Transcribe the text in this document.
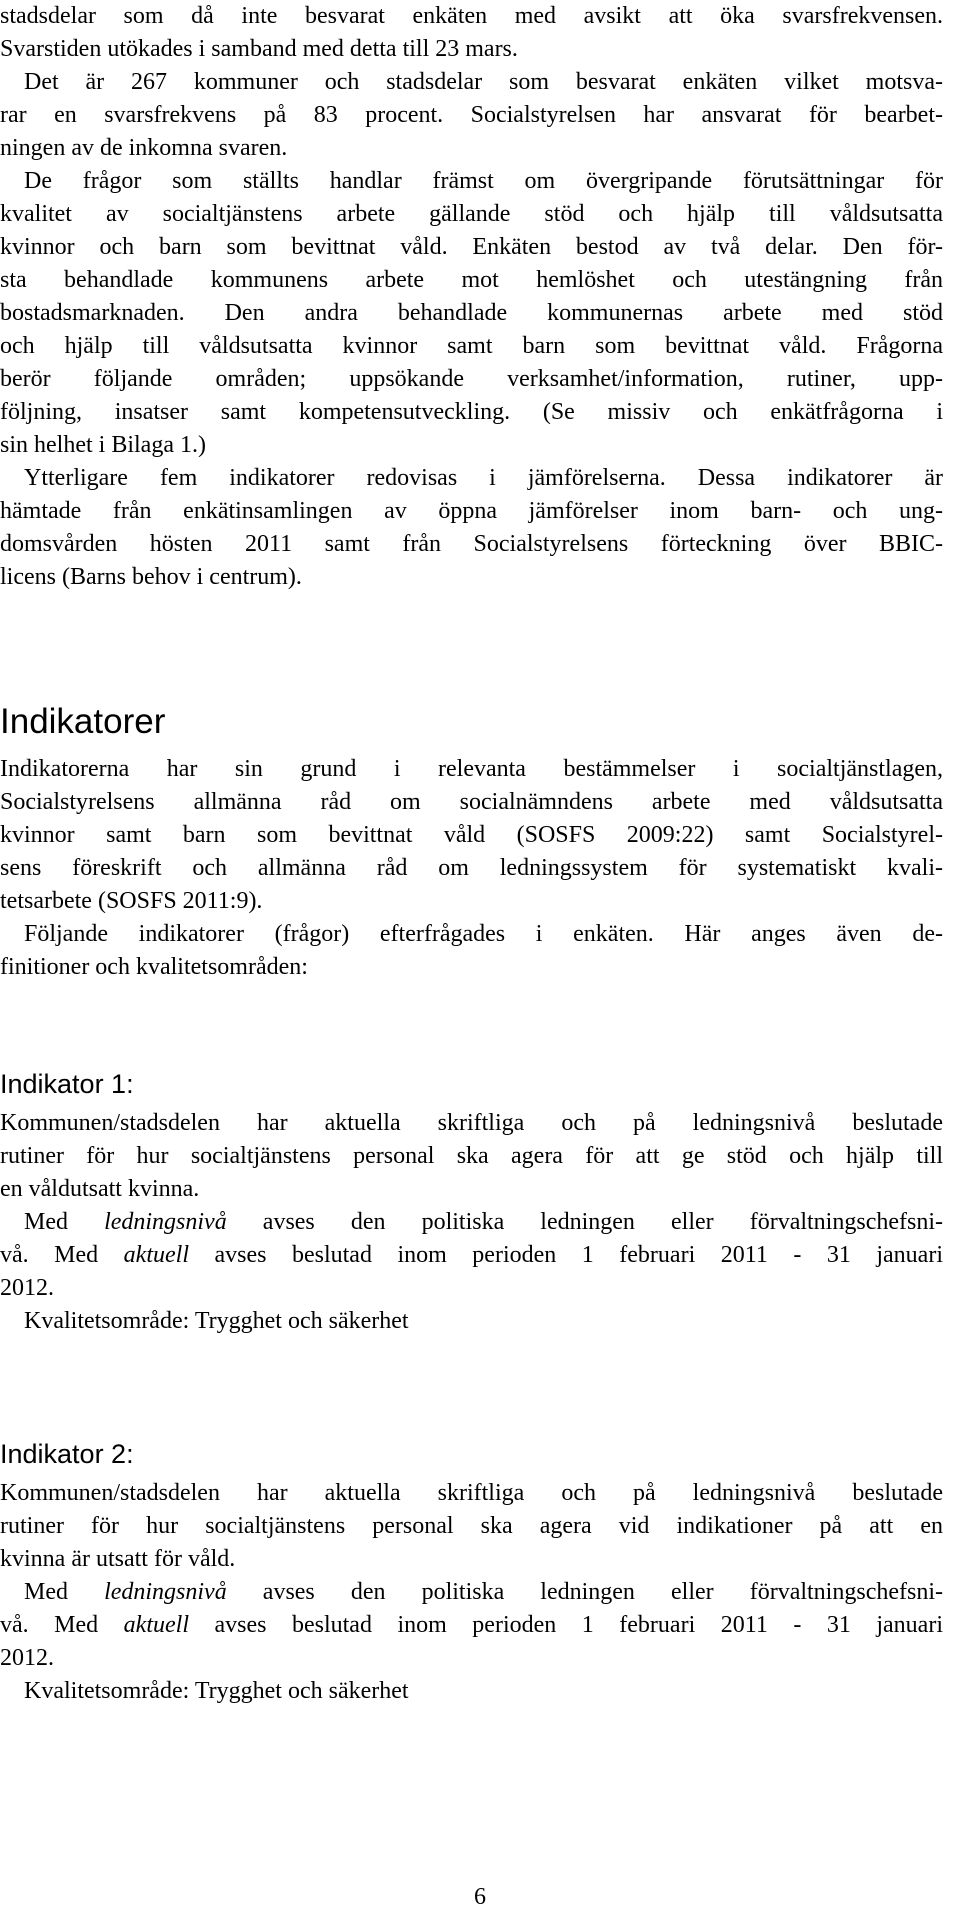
stadsdelar som då inte besvarat enkäten med avsikt att öka svarsfrekvensen.
Svarstiden utökades i samband med detta till 23 mars.
Det är 267 kommuner och stadsdelar som besvarat enkäten vilket motsva-
rar en svarsfrekvens på 83 procent. Socialstyrelsen har ansvarat för bearbet-
ningen av de inkomna svaren.
De frågor som ställts handlar främst om övergripande förutsättningar för
kvalitet av socialtjänstens arbete gällande stöd och hjälp till våldsutsatta
kvinnor och barn som bevittnat våld. Enkäten bestod av två delar. Den för-
sta behandlade kommunens arbete mot hemlöshet och utestängning från
bostadsmarknaden. Den andra behandlade kommunernas arbete med stöd
och hjälp till våldsutsatta kvinnor samt barn som bevittnat våld. Frågorna
berör följande områden; uppsökande verksamhet/information, rutiner, upp-
följning, insatser samt kompetensutveckling. (Se missiv och enkätfrågorna i
sin helhet i Bilaga 1.)
Ytterligare fem indikatorer redovisas i jämförelserna. Dessa indikatorer är
hämtade från enkätinsamlingen av öppna jämförelser inom barn- och ung-
domsvården hösten 2011 samt från Socialstyrelsens förteckning över BBIC-
licens (Barns behov i centrum).
Indikatorer
Indikatorerna har sin grund i relevanta bestämmelser i socialtjänstlagen,
Socialstyrelsens allmänna råd om socialnämndens arbete med våldsutsatta
kvinnor samt barn som bevittnat våld (SOSFS 2009:22) samt Socialstyrel-
sens föreskrift och allmänna råd om ledningssystem för systematiskt kvali-
tetsarbete (SOSFS 2011:9).
Följande indikatorer (frågor) efterfrågades i enkäten. Här anges även de-
finitioner och kvalitetsområden:
Indikator 1:
Kommunen/stadsdelen har aktuella skriftliga och på ledningsnivå beslutade
rutiner för hur socialtjänstens personal ska agera för att ge stöd och hjälp till
en våldutsatt kvinna.
Med ledningsnivå avses den politiska ledningen eller förvaltningschefsni-
vå. Med aktuell avses beslutad inom perioden 1 februari 2011 - 31 januari
2012.
Kvalitetsområde: Trygghet och säkerhet
Indikator 2:
Kommunen/stadsdelen har aktuella skriftliga och på ledningsnivå beslutade
rutiner för hur socialtjänstens personal ska agera vid indikationer på att en
kvinna är utsatt för våld.
Med ledningsnivå avses den politiska ledningen eller förvaltningschefsni-
vå. Med aktuell avses beslutad inom perioden 1 februari 2011 - 31 januari
2012.
Kvalitetsområde: Trygghet och säkerhet
6
